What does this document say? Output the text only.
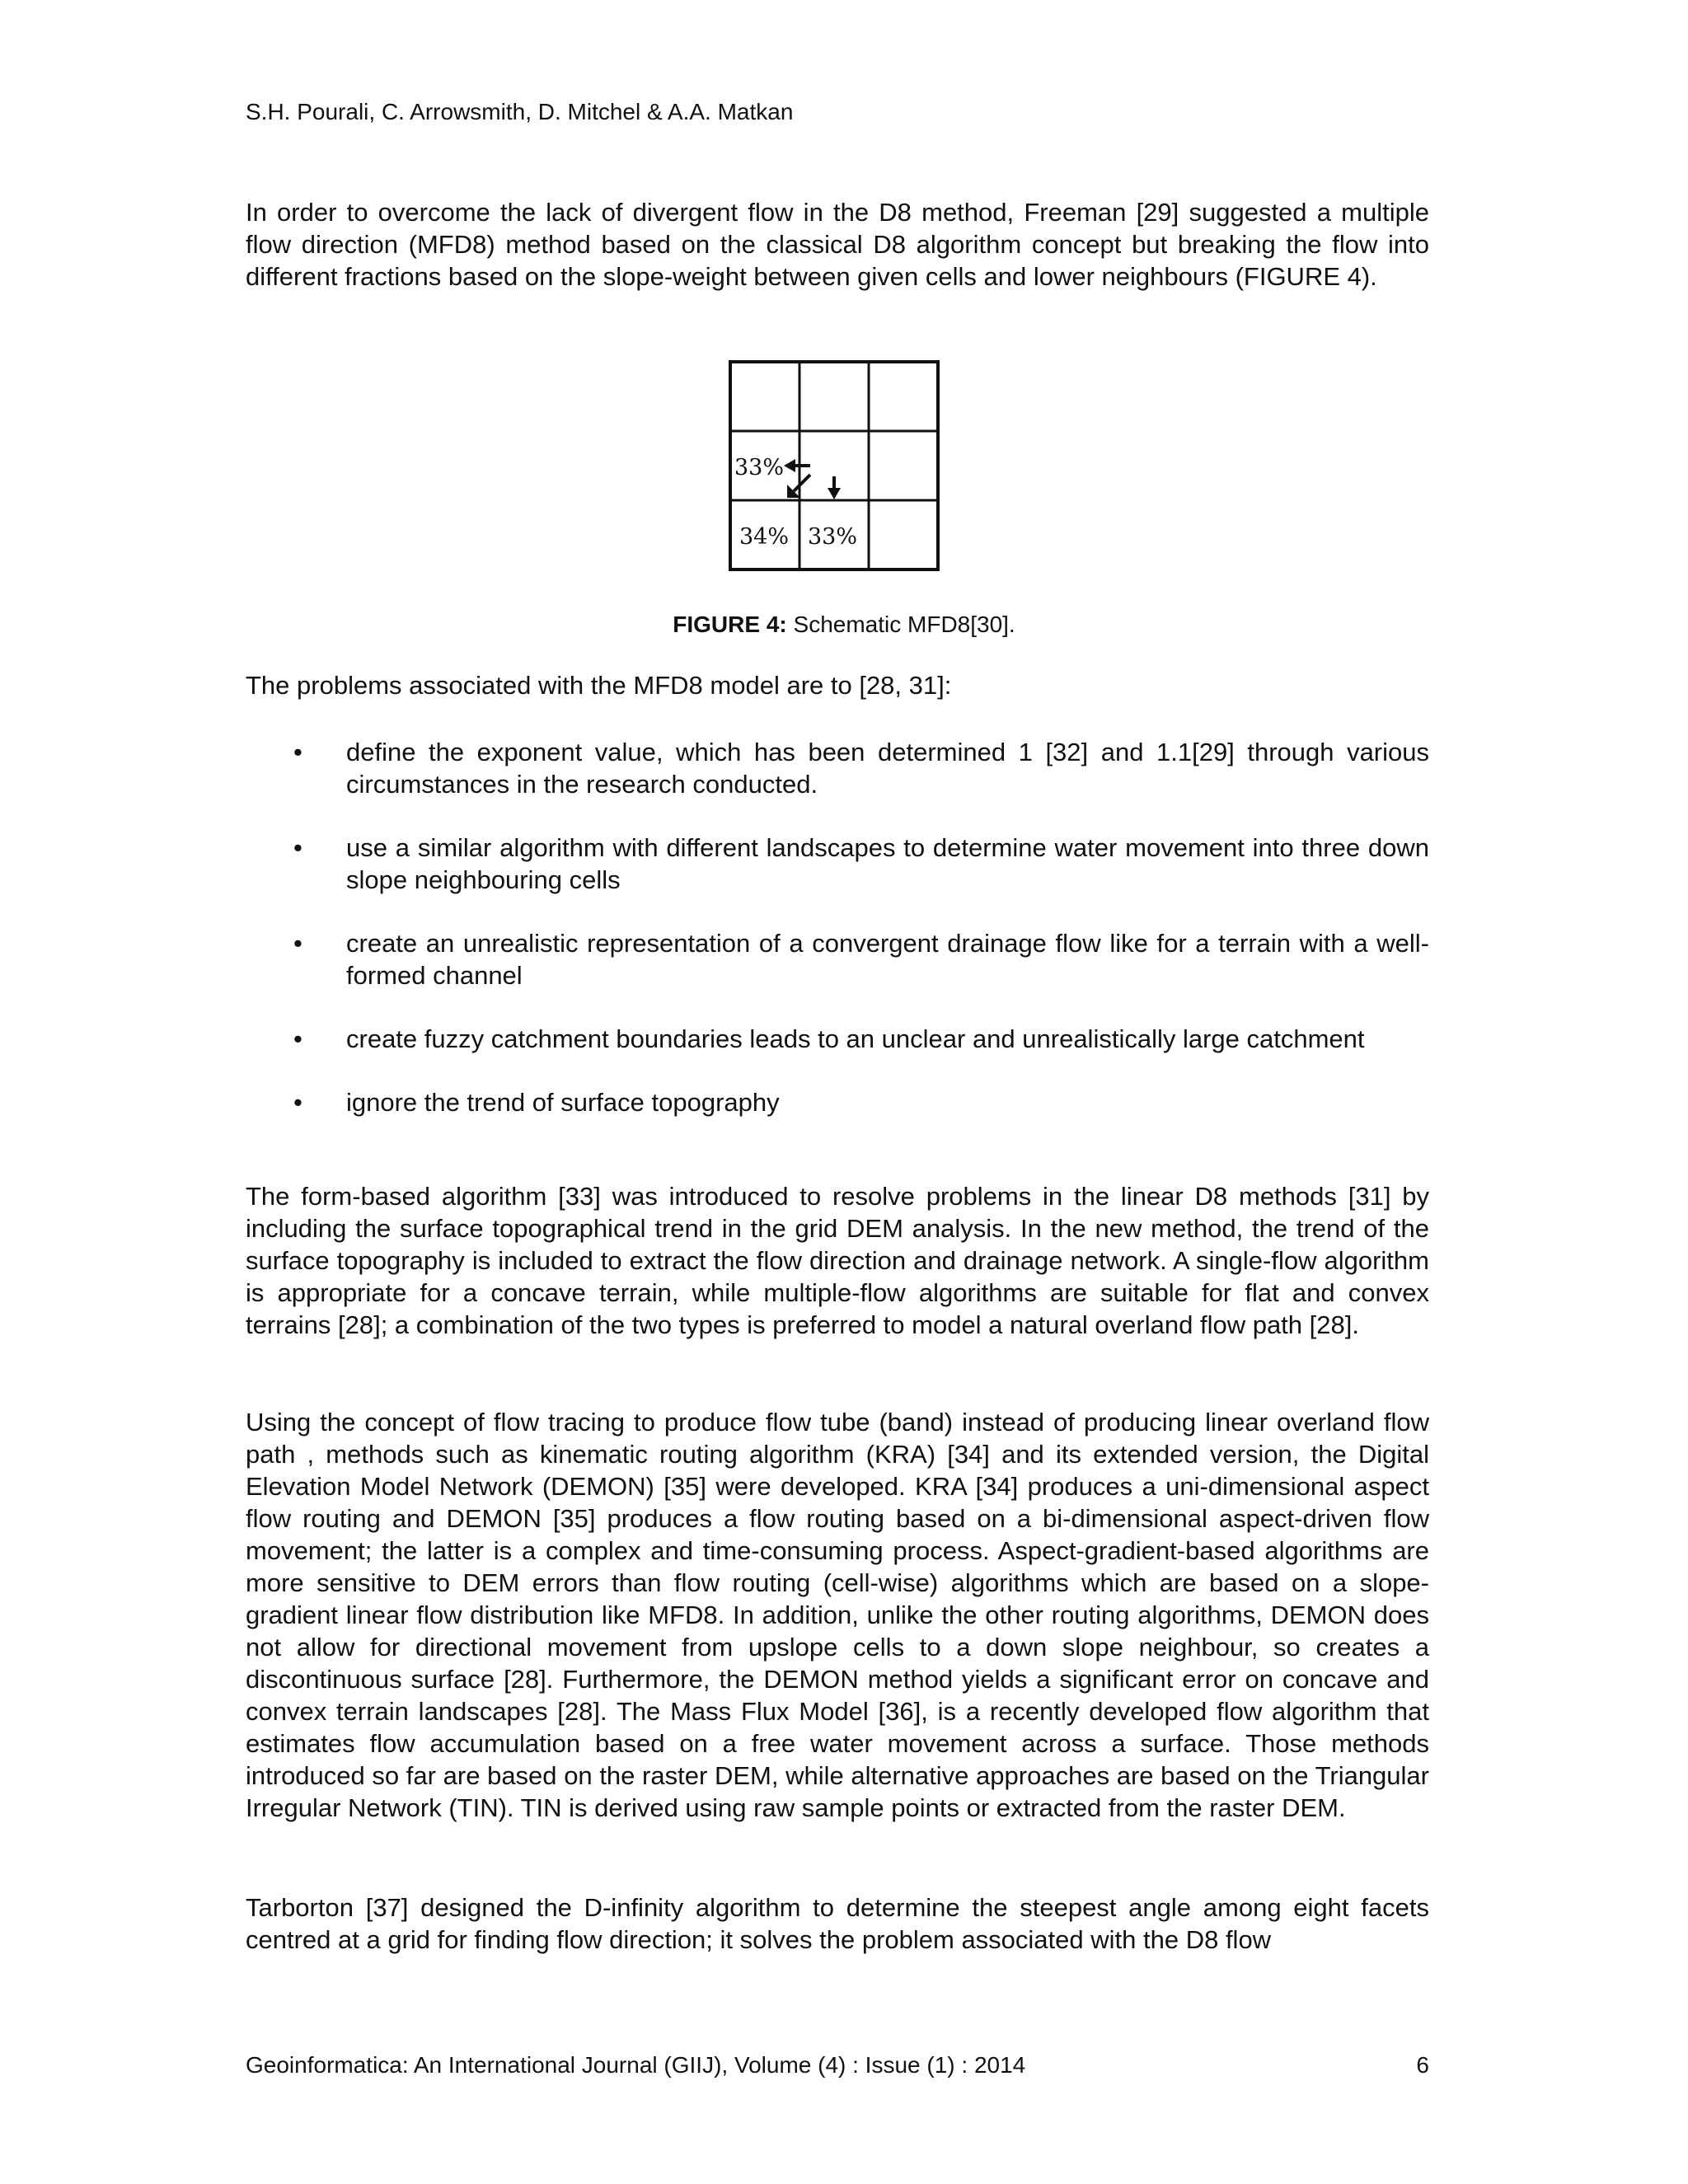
S.H. Pourali, C. Arrowsmith, D. Mitchel & A.A. Matkan

In order to overcome the lack of divergent flow in the D8 method, Freeman [29] suggested a multiple flow direction (MFD8) method based on the classical D8 algorithm concept but breaking the flow into different fractions based on the slope-weight between given cells and lower neighbours (FIGURE 4).

33%
34% 33%
FIGURE 4: Schematic MFD8[30].

The problems associated with the MFD8 model are to [28, 31]:

• define the exponent value, which has been determined 1 [32] and 1.1[29] through various circumstances in the research conducted.
• use a similar algorithm with different landscapes to determine water movement into three down slope neighbouring cells
• create an unrealistic representation of a convergent drainage flow like for a terrain with a well-formed channel
• create fuzzy catchment boundaries leads to an unclear and unrealistically large catchment
• ignore the trend of surface topography

The form-based algorithm [33] was introduced to resolve problems in the linear D8 methods [31] by including the surface topographical trend in the grid DEM analysis. In the new method, the trend of the surface topography is included to extract the flow direction and drainage network. A single-flow algorithm is appropriate for a concave terrain, while multiple-flow algorithms are suitable for flat and convex terrains [28]; a combination of the two types is preferred to model a natural overland flow path [28].

Using the concept of flow tracing to produce flow tube (band) instead of producing linear overland flow path , methods such as kinematic routing algorithm (KRA) [34] and its extended version, the Digital Elevation Model Network (DEMON) [35] were developed. KRA [34] produces a uni-dimensional aspect flow routing and DEMON [35] produces a flow routing based on a bi-dimensional aspect-driven flow movement; the latter is a complex and time-consuming process. Aspect-gradient-based algorithms are more sensitive to DEM errors than flow routing (cell-wise) algorithms which are based on a slope-gradient linear flow distribution like MFD8. In addition, unlike the other routing algorithms, DEMON does not allow for directional movement from upslope cells to a down slope neighbour, so creates a discontinuous surface [28]. Furthermore, the DEMON method yields a significant error on concave and convex terrain landscapes [28]. The Mass Flux Model [36], is a recently developed flow algorithm that estimates flow accumulation based on a free water movement across a surface. Those methods introduced so far are based on the raster DEM, while alternative approaches are based on the Triangular Irregular Network (TIN). TIN is derived using raw sample points or extracted from the raster DEM.

Tarborton [37] designed the D-infinity algorithm to determine the steepest angle among eight facets centred at a grid for finding flow direction; it solves the problem associated with the D8 flow

Geoinformatica: An International Journal (GIIJ), Volume (4) : Issue (1) : 2014	6
